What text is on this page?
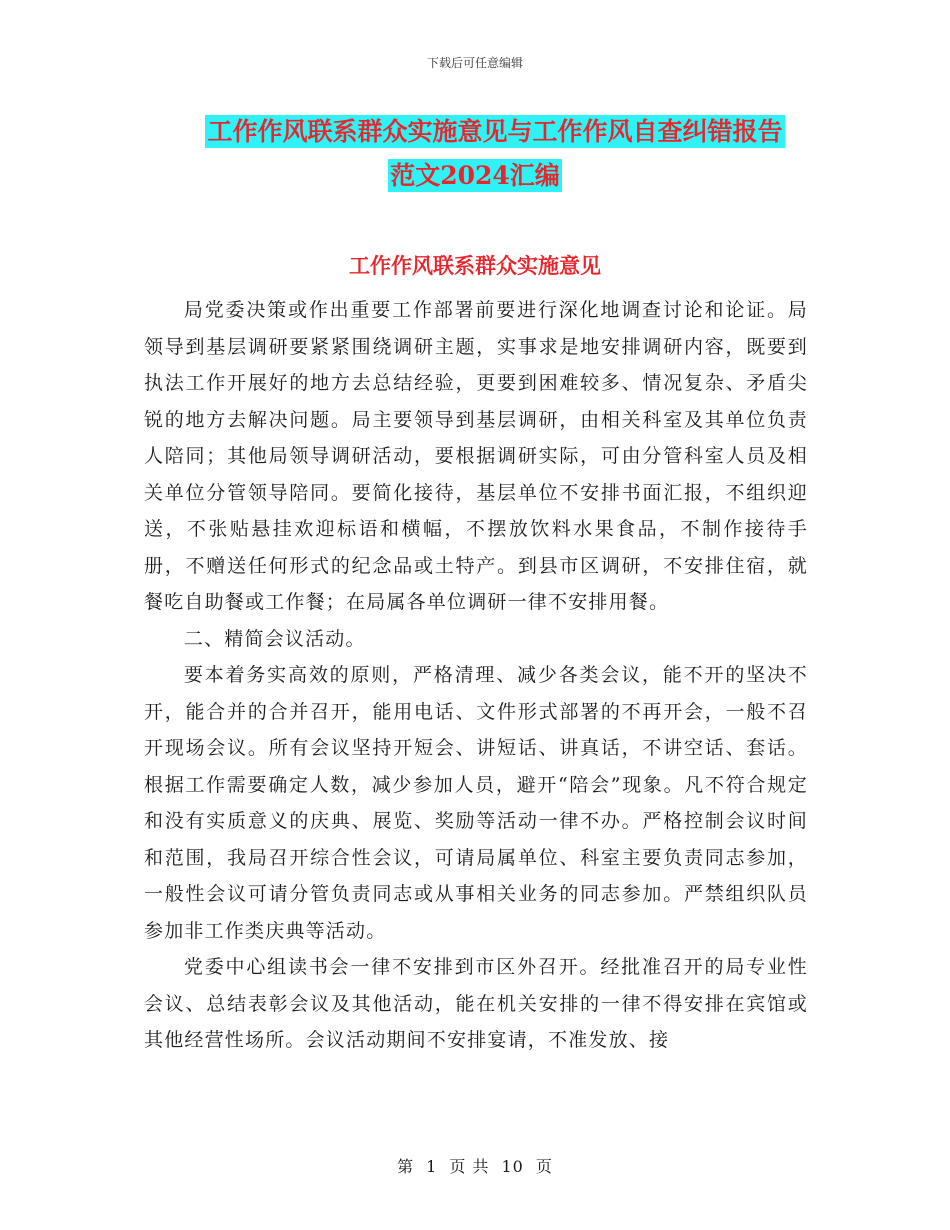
下载后可任意编辑
工作作风联系群众实施意见与工作作风自查纠错报告
范文2024汇编
工作作风联系群众实施意见

局党委决策或作出重要工作部署前要进行深化地调查讨论和论证。局领导到基层调研要紧紧围绕调研主题，实事求是地安排调研内容，既要到执法工作开展好的地方去总结经验，更要到困难较多、情况复杂、矛盾尖锐的地方去解决问题。局主要领导到基层调研，由相关科室及其单位负责人陪同；其他局领导调研活动，要根据调研实际，可由分管科室人员及相关单位分管领导陪同。要简化接待，基层单位不安排书面汇报，不组织迎送，不张贴悬挂欢迎标语和横幅，不摆放饮料水果食品，不制作接待手册，不赠送任何形式的纪念品或土特产。到县市区调研，不安排住宿，就餐吃自助餐或工作餐；在局属各单位调研一律不安排用餐。

二、精简会议活动。

要本着务实高效的原则，严格清理、减少各类会议，能不开的坚决不开，能合并的合并召开，能用电话、文件形式部署的不再开会，一般不召开现场会议。所有会议坚持开短会、讲短话、讲真话，不讲空话、套话。根据工作需要确定人数，减少参加人员，避开“陪会”现象。凡不符合规定和没有实质意义的庆典、展览、奖励等活动一律不办。严格控制会议时间和范围，我局召开综合性会议，可请局属单位、科室主要负责同志参加，一般性会议可请分管负责同志或从事相关业务的同志参加。严禁组织队员参加非工作类庆典等活动。

党委中心组读书会一律不安排到市区外召开。经批准召开的局专业性会议、总结表彰会议及其他活动，能在机关安排的一律不得安排在宾馆或其他经营性场所。会议活动期间不安排宴请，不准发放、接

第 1 页 共 10 页
